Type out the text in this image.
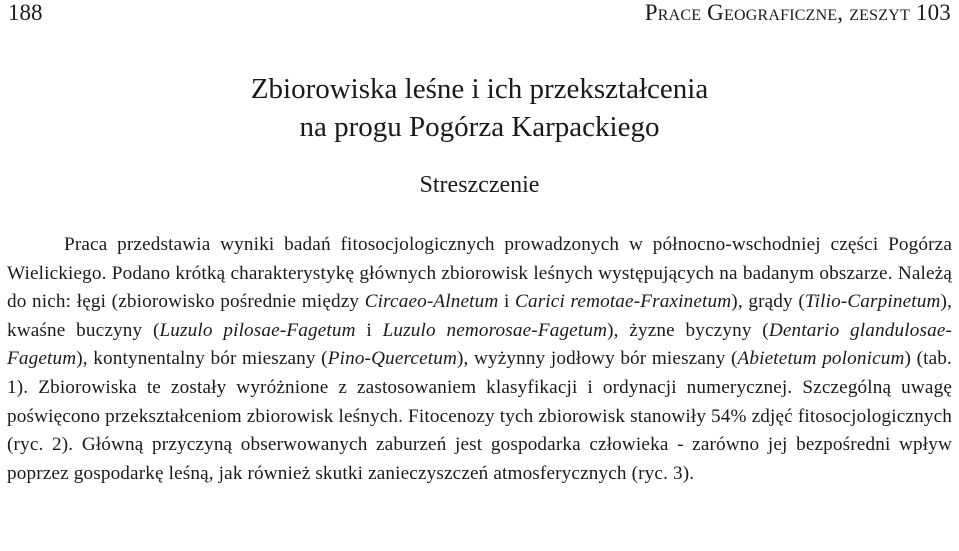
188	Prace Geograficzne, zeszyt 103
Zbiorowiska leśne i ich przekształcenia
na progu Pogórza Karpackiego
Streszczenie

Praca przedstawia wyniki badań fitosocjologicznych prowadzonych w północno-wschodniej części Pogórza Wielickiego. Podano krótką charakterystykę głównych zbiorowisk leśnych występujących na badanym obszarze. Należą do nich: łęgi (zbiorowisko pośrednie między Circaeo-Alnetum i Carici remotae-Fraxinetum), grądy (Tilio-Carpinetum), kwaśne buczyny (Luzulo pilosae-Fagetum i Luzulo nemorosae-Fagetum), żyzne byczyny (Dentario glandulosae-Fagetum), kontynentalny bór mieszany (Pino-Quercetum), wyżynny jodłowy bór mieszany (Abietetum polonicum) (tab. 1). Zbiorowiska te zostały wyróżnione z zastosowaniem klasyfikacji i ordynacji numerycznej. Szczególną uwagę poświęcono przekształceniom zbiorowisk leśnych. Fitocenozy tych zbiorowisk stanowiły 54% zdjęć fitosocjologicznych (ryc. 2). Główną przyczyną obserwowanych zaburzeń jest gospodarka człowieka - zarówno jej bezpośredni wpływ poprzez gospodarkę leśną, jak również skutki zanieczyszczeń atmosferycznych (ryc. 3).
